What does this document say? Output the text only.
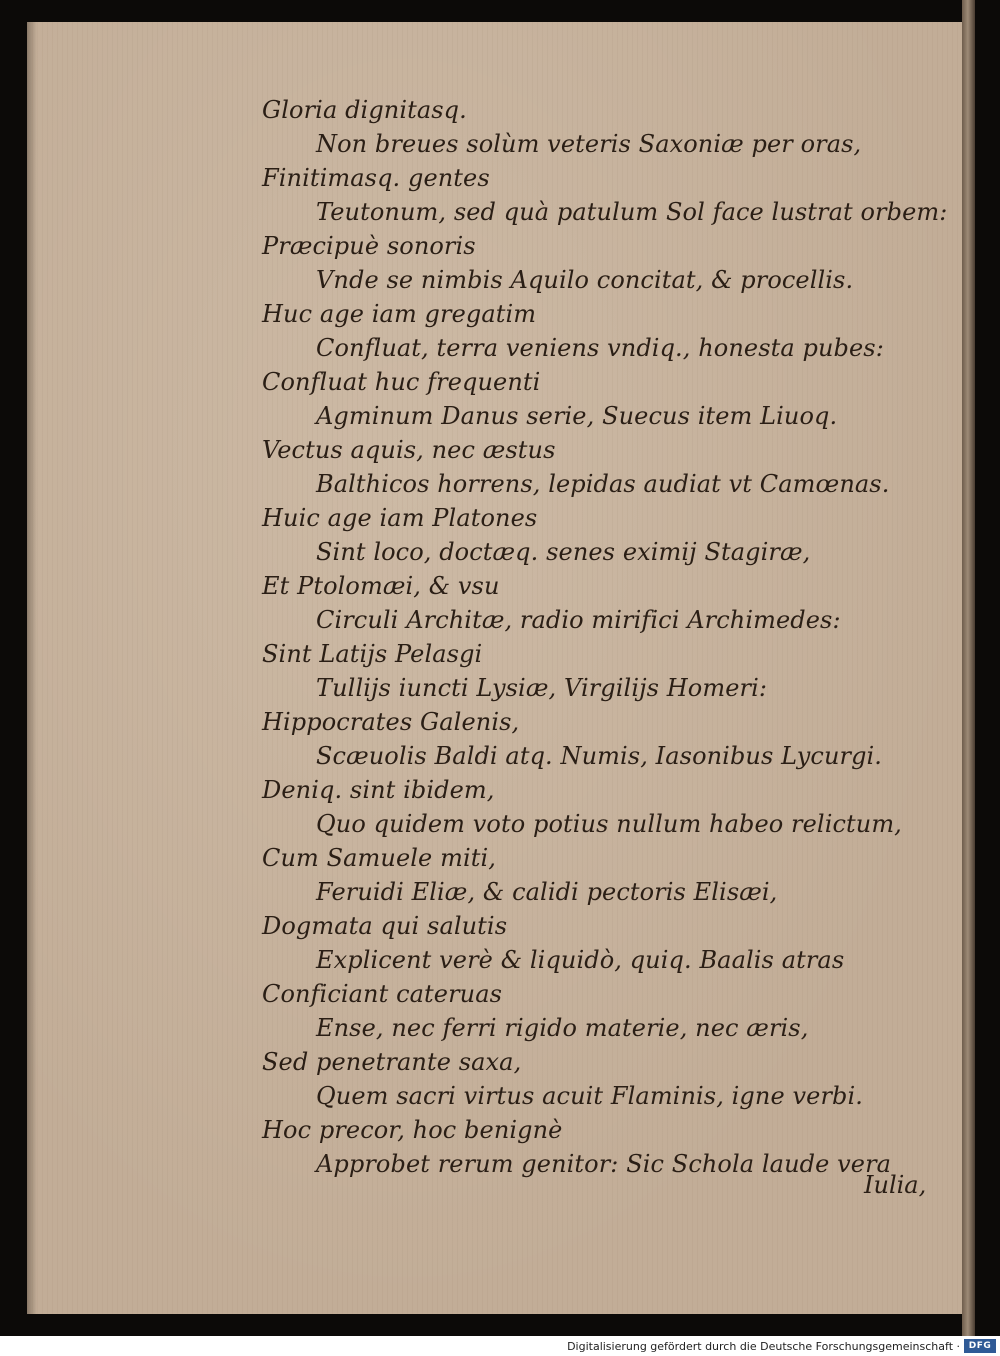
Gloria dignitasq.
Non breues solùm veteris Saxoniæ per oras,
Finitimasq. gentes
Teutonum, sed quà patulum Sol face lustrat orbem:
Præcipuè sonoris
Vnde se nimbis Aquilo concitat, & procellis.
Huc age iam gregatim
Confluat, terra veniens vndiq., honesta pubes:
Confluat huc frequenti
Agminum Danus serie, Suecus item Liuoq.
Vectus aquis, nec æstus
Balthicos horrens, lepidas audiat vt Camœnas.
Huic age iam Platones
Sint loco, doctæq. senes eximij Stagiræ,
Et Ptolomæi, & vsu
Circuli Architæ, radio mirifici Archimedes:
Sint Latijs Pelasgi
Tullijs iuncti Lysiæ, Virgilijs Homeri:
Hippocrates Galenis,
Scæuolis Baldi atq. Numis, Iasonibus Lycurgi.
Deniq. sint ibidem,
Quo quidem voto potius nullum habeo relictum,
Cum Samuele miti,
Feruidi Eliæ, & calidi pectoris Elisæi,
Dogmata qui salutis
Explicent verè & liquidò, quiq. Baalis atras
Conficiant cateruas
Ense, nec ferri rigido materie, nec æris,
Sed penetrante saxa,
Quem sacri virtus acuit Flaminis, igne verbi.
Hoc precor, hoc benignè
Approbet rerum genitor: Sic Schola laude vera
Iulia,
Digitalisierung gefördert durch die Deutsche Forschungsgemeinschaft · DFG
